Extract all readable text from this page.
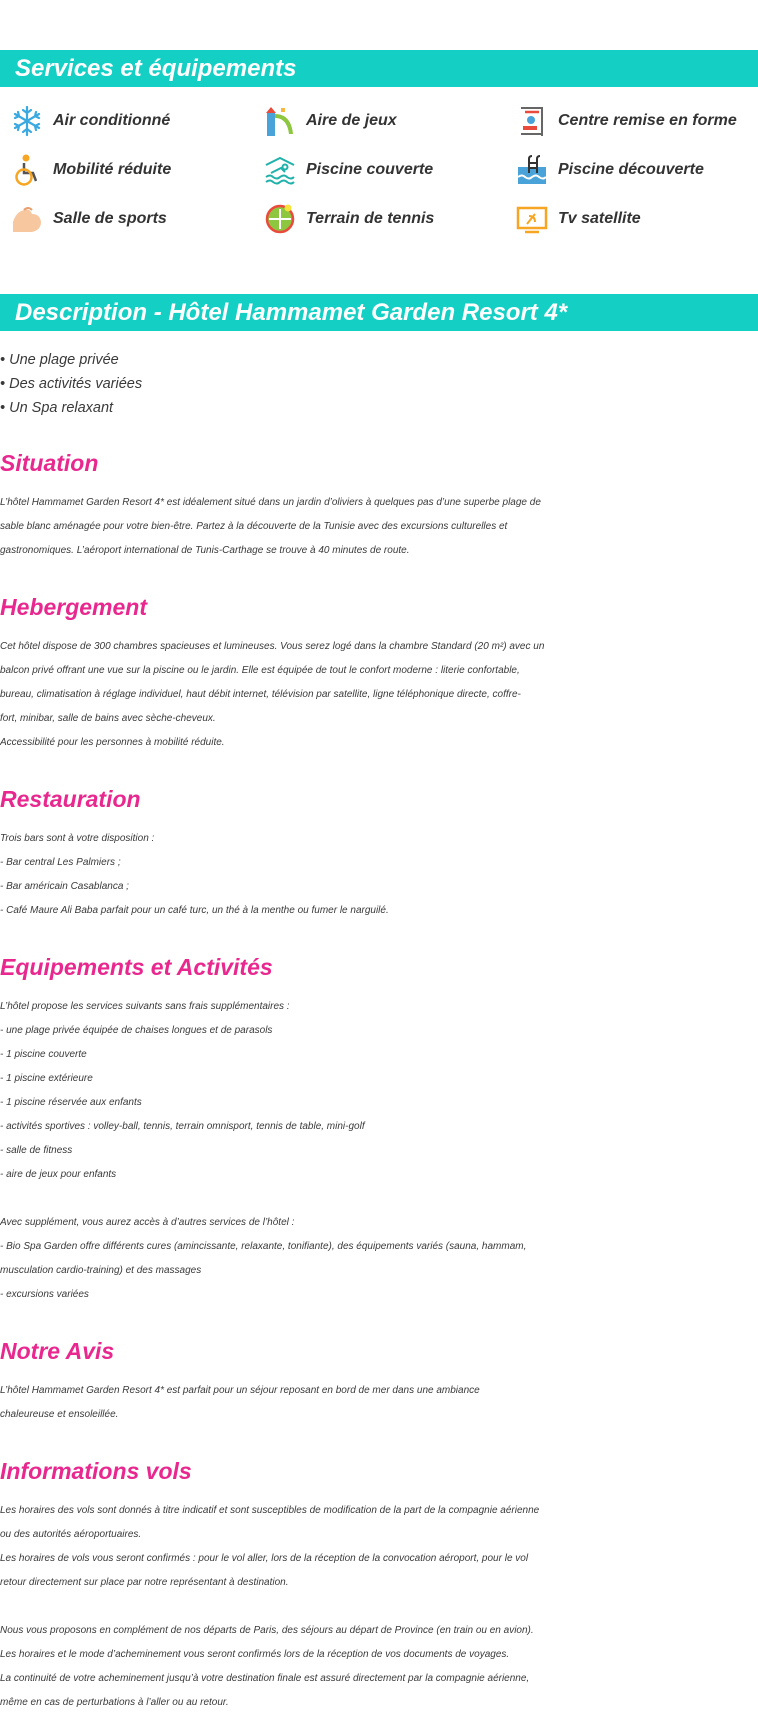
Services et équipements
Air conditionné	Aire de jeux	Centre remise en forme
Mobilité réduite	Piscine couverte	Piscine découverte
Salle de sports	Terrain de tennis	Tv satellite
Description - Hôtel Hammamet Garden Resort 4*
• Une plage privée
• Des activités variées
• Un Spa relaxant
Situation
L’hôtel Hammamet Garden Resort 4* est idéalement situé dans un jardin d’oliviers à quelques pas d’une superbe plage de
sable blanc aménagée pour votre bien-être. Partez à la découverte de la Tunisie avec des excursions culturelles et
gastronomiques. L’aéroport international de Tunis-Carthage se trouve à 40 minutes de route.
Hebergement
Cet hôtel dispose de 300 chambres spacieuses et lumineuses. Vous serez logé dans la chambre Standard (20 m²) avec un
balcon privé offrant une vue sur la piscine ou le jardin. Elle est équipée de tout le confort moderne : literie confortable,
bureau, climatisation à réglage individuel, haut débit internet, télévision par satellite, ligne téléphonique directe, coffre-
fort, minibar, salle de bains avec sèche-cheveux.
Accessibilité pour les personnes à mobilité réduite.
Restauration
Trois bars sont à votre disposition :
- Bar central Les Palmiers ;
- Bar américain Casablanca ;
- Café Maure Ali Baba parfait pour un café turc, un thé à la menthe ou fumer le narguilé.
Equipements et Activités
L’hôtel propose les services suivants sans frais supplémentaires :
- une plage privée équipée de chaises longues et de parasols
- 1 piscine couverte
- 1 piscine extérieure
- 1 piscine réservée aux enfants
- activités sportives : volley-ball, tennis, terrain omnisport, tennis de table, mini-golf
- salle de fitness
- aire de jeux pour enfants
Avec supplément, vous aurez accès à d’autres services de l’hôtel :
- Bio Spa Garden offre différents cures (amincissante, relaxante, tonifiante), des équipements variés (sauna, hammam,
musculation cardio-training) et des massages
- excursions variées
Notre Avis
L’hôtel Hammamet Garden Resort 4* est parfait pour un séjour reposant en bord de mer dans une ambiance
chaleureuse et ensoleillée.
Informations vols
Les horaires des vols sont donnés à titre indicatif et sont susceptibles de modification de la part de la compagnie aérienne
ou des autorités aéroportuaires.
Les horaires de vols vous seront confirmés : pour le vol aller, lors de la réception de la convocation aéroport, pour le vol
retour directement sur place par notre représentant à destination.
Nous vous proposons en complément de nos départs de Paris, des séjours au départ de Province (en train ou en avion).
Les horaires et le mode d’acheminement vous seront confirmés lors de la réception de vos documents de voyages.
La continuité de votre acheminement jusqu’à votre destination finale est assuré directement par la compagnie aérienne,
même en cas de perturbations à l’aller ou au retour.
